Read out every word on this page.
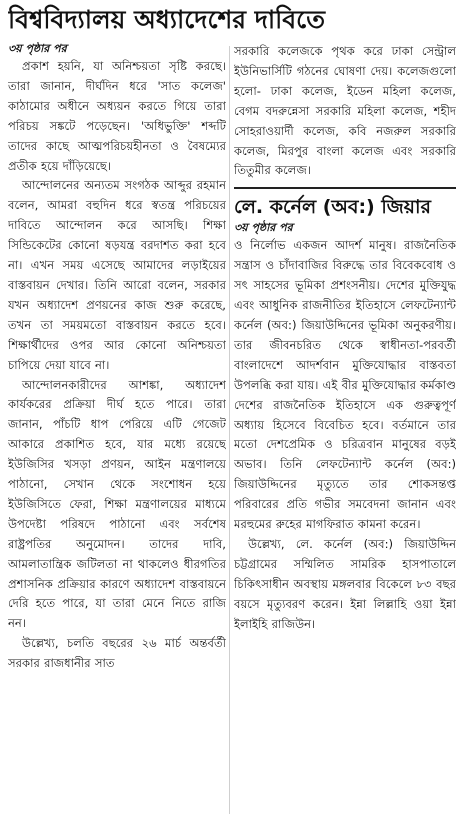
বিশ্ববিদ্যালয় অধ্যাদেশের দাবিতে
৩য় পৃষ্ঠার পর

প্রকাশ হয়নি, যা অনিশ্চয়তা সৃষ্টি করছে। তারা জানান, দীর্ঘদিন ধরে 'সাত কলেজ' কাঠামোর অধীনে অধ্যয়ন করতে গিয়ে তারা পরিচয় সঙ্কটে পড়েছেন। 'অধিভুক্তি' শব্দটি তাদের কাছে আত্মপরিচয়হীনতা ও বৈষম্যের প্রতীক হয়ে দাঁড়িয়েছে।

আন্দোলনের অন্যতম সংগঠক আব্দুর রহমান বলেন, আমরা বহুদিন ধরে স্বতন্ত্র পরিচয়ের দাবিতে আন্দোলন করে আসছি। শিক্ষা সিন্ডিকেটের কোনো ষড়যন্ত্র বরদাশত করা হবে না। এখন সময় এসেছে আমাদের লড়াইয়ের বাস্তবায়ন দেখার। তিনি আরো বলেন, সরকার যখন অধ্যাদেশ প্রণয়নের কাজ শুরু করেছে, তখন তা সময়মতো বাস্তবায়ন করতে হবে। শিক্ষার্থীদের ওপর আর কোনো অনিশ্চয়তা চাপিয়ে দেয়া যাবে না।

আন্দোলনকারীদের আশঙ্কা, অধ্যাদেশ কার্যকরের প্রক্রিয়া দীর্ঘ হতে পারে। তারা জানান, পাঁচটি ধাপ পেরিয়ে এটি গেজেট আকারে প্রকাশিত হবে, যার মধ্যে রয়েছে ইউজিসির খসড়া প্রণয়ন, আইন মন্ত্রণালয়ে পাঠানো, সেখান থেকে সংশোধন হয়ে ইউজিসিতে ফেরা, শিক্ষা মন্ত্রণালয়ের মাধ্যমে উপদেষ্টা পরিষদে পাঠানো এবং সর্বশেষ রাষ্ট্রপতির অনুমোদন। তাদের দাবি, আমলাতান্ত্রিক জটিলতা না থাকলেও ধীরগতির প্রশাসনিক প্রক্রিয়ার কারণে অধ্যাদেশ বাস্তবায়নে দেরি হতে পারে, যা তারা মেনে নিতে রাজি নন।

উল্লেখ্য, চলতি বছরের ২৬ মার্চ অন্তর্বর্তী সরকার রাজধানীর সাত

সরকারি কলেজকে পৃথক করে ঢাকা সেন্ট্রাল ইউনিভার্সিটি গঠনের ঘোষণা দেয়। কলেজগুলো হলো- ঢাকা কলেজ, ইডেন মহিলা কলেজ, বেগম বদরুন্নেসা সরকারি মহিলা কলেজ, শহীদ সোহরাওয়ার্দী কলেজ, কবি নজরুল সরকারি কলেজ, মিরপুর বাংলা কলেজ এবং সরকারি তিতুমীর কলেজ।

লে. কর্নেল (অব:) জিয়ার
৩য় পৃষ্ঠার পর

ও নির্লোভ একজন আদর্শ মানুষ। রাজনৈতিক সন্ত্রাস ও চাঁদাবাজির বিরুদ্ধে তার বিবেকবোধ ও সৎ সাহসের ভূমিকা প্রশংসনীয়। দেশের মুক্তিযুদ্ধ এবং আধুনিক রাজনীতির ইতিহাসে লেফটেন্যান্ট কর্নেল (অব:) জিয়াউদ্দিনের ভূমিকা অনুকরণীয়। তার জীবনচরিত থেকে স্বাধীনতা-পরবর্তী বাংলাদেশে আদর্শবান মুক্তিযোদ্ধার বাস্তবতা উপলব্ধি করা যায়। এই বীর মুক্তিযোদ্ধার কর্মকাণ্ড দেশের রাজনৈতিক ইতিহাসে এক গুরুত্বপূর্ণ অধ্যায় হিসেবে বিবেচিত হবে। বর্তমানে তার মতো দেশপ্রেমিক ও চরিত্রবান মানুষের বড়ই অভাব। তিনি লেফটেন্যান্ট কর্নেল (অব:) জিয়াউদ্দিনের মৃত্যুতে তার শোকসন্তপ্ত পরিবারের প্রতি গভীর সমবেদনা জানান এবং মরহুমের রুহের মাগফিরাত কামনা করেন।

উল্লেখ্য, লে. কর্নেল (অব:) জিয়াউদ্দিন চট্টগ্রামের সম্মিলিত সামরিক হাসপাতালে চিকিৎসাধীন অবস্থায় মঙ্গলবার বিকেলে ৮৩ বছর বয়সে মৃত্যুবরণ করেন। ইন্না লিল্লাহি ওয়া ইন্না ইলাইহি রাজিউন।
